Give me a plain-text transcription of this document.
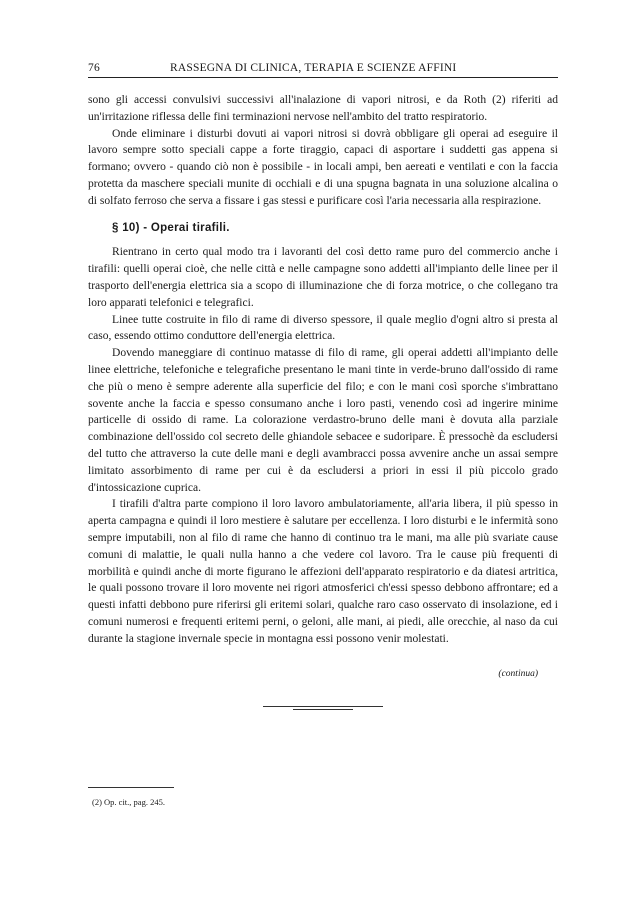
76	RASSEGNA DI CLINICA, TERAPIA E SCIENZE AFFINI

sono gli accessi convulsivi successivi all'inalazione di vapori nitrosi, e da Roth (2) riferiti ad un'irritazione riflessa delle fini terminazioni nervose nell'ambito del tratto respiratorio.

Onde eliminare i disturbi dovuti ai vapori nitrosi si dovrà obbligare gli operai ad eseguire il lavoro sempre sotto speciali cappe a forte tiraggio, capaci di asportare i suddetti gas appena si formano; ovvero - quando ciò non è possibile - in locali ampi, ben aereati e ventilati e con la faccia protetta da maschere speciali munite di occhiali e di una spugna bagnata in una soluzione alcalina o di solfato ferroso che serva a fissare i gas stessi e purificare così l'aria necessaria alla respirazione.

§ 10) - Operai tirafili.

Rientrano in certo qual modo tra i lavoranti del così detto rame puro del commercio anche i tirafili: quelli operai cioè, che nelle città e nelle campagne sono addetti all'impianto delle linee per il trasporto dell'energia elettrica sia a scopo di illuminazione che di forza motrice, o che collegano tra loro apparati telefonici e telegrafici.

Linee tutte costruite in filo di rame di diverso spessore, il quale meglio d'ogni altro si presta al caso, essendo ottimo conduttore dell'energia elettrica.

Dovendo maneggiare di continuo matasse di filo di rame, gli operai addetti all'impianto delle linee elettriche, telefoniche e telegrafiche presentano le mani tinte in verde-bruno dall'ossido di rame che più o meno è sempre aderente alla superficie del filo; e con le mani così sporche s'imbrattano sovente anche la faccia e spesso consumano anche i loro pasti, venendo così ad ingerire minime particelle di ossido di rame. La colorazione verdastro-bruno delle mani è dovuta alla parziale combinazione dell'ossido col secreto delle ghiandole sebacee e sudoripare. È pressochè da escludersi del tutto che attraverso la cute delle mani e degli avambracci possa avvenire anche un assai sempre limitato assorbimento di rame per cui è da escludersi a priori in essi il più piccolo grado d'intossicazione cuprica.

I tirafili d'altra parte compiono il loro lavoro ambulatoriamente, all'aria libera, il più spesso in aperta campagna e quindi il loro mestiere è salutare per eccellenza. I loro disturbi e le infermità sono sempre imputabili, non al filo di rame che hanno di continuo tra le mani, ma alle più svariate cause comuni di malattie, le quali nulla hanno a che vedere col lavoro. Tra le cause più frequenti di morbilità e quindi anche di morte figurano le affezioni dell'apparato respiratorio e da diatesi artritica, le quali possono trovare il loro movente nei rigori atmosferici ch'essi spesso debbono affrontare; ed a questi infatti debbono pure riferirsi gli eritemi solari, qualche raro caso osservato di insolazione, ed i comuni numerosi e frequenti eritemi perni, o geloni, alle mani, ai piedi, alle orecchie, al naso da cui durante la stagione invernale specie in montagna essi possono venir molestati.

(continua)
(2) Op. cit., pag. 245.
